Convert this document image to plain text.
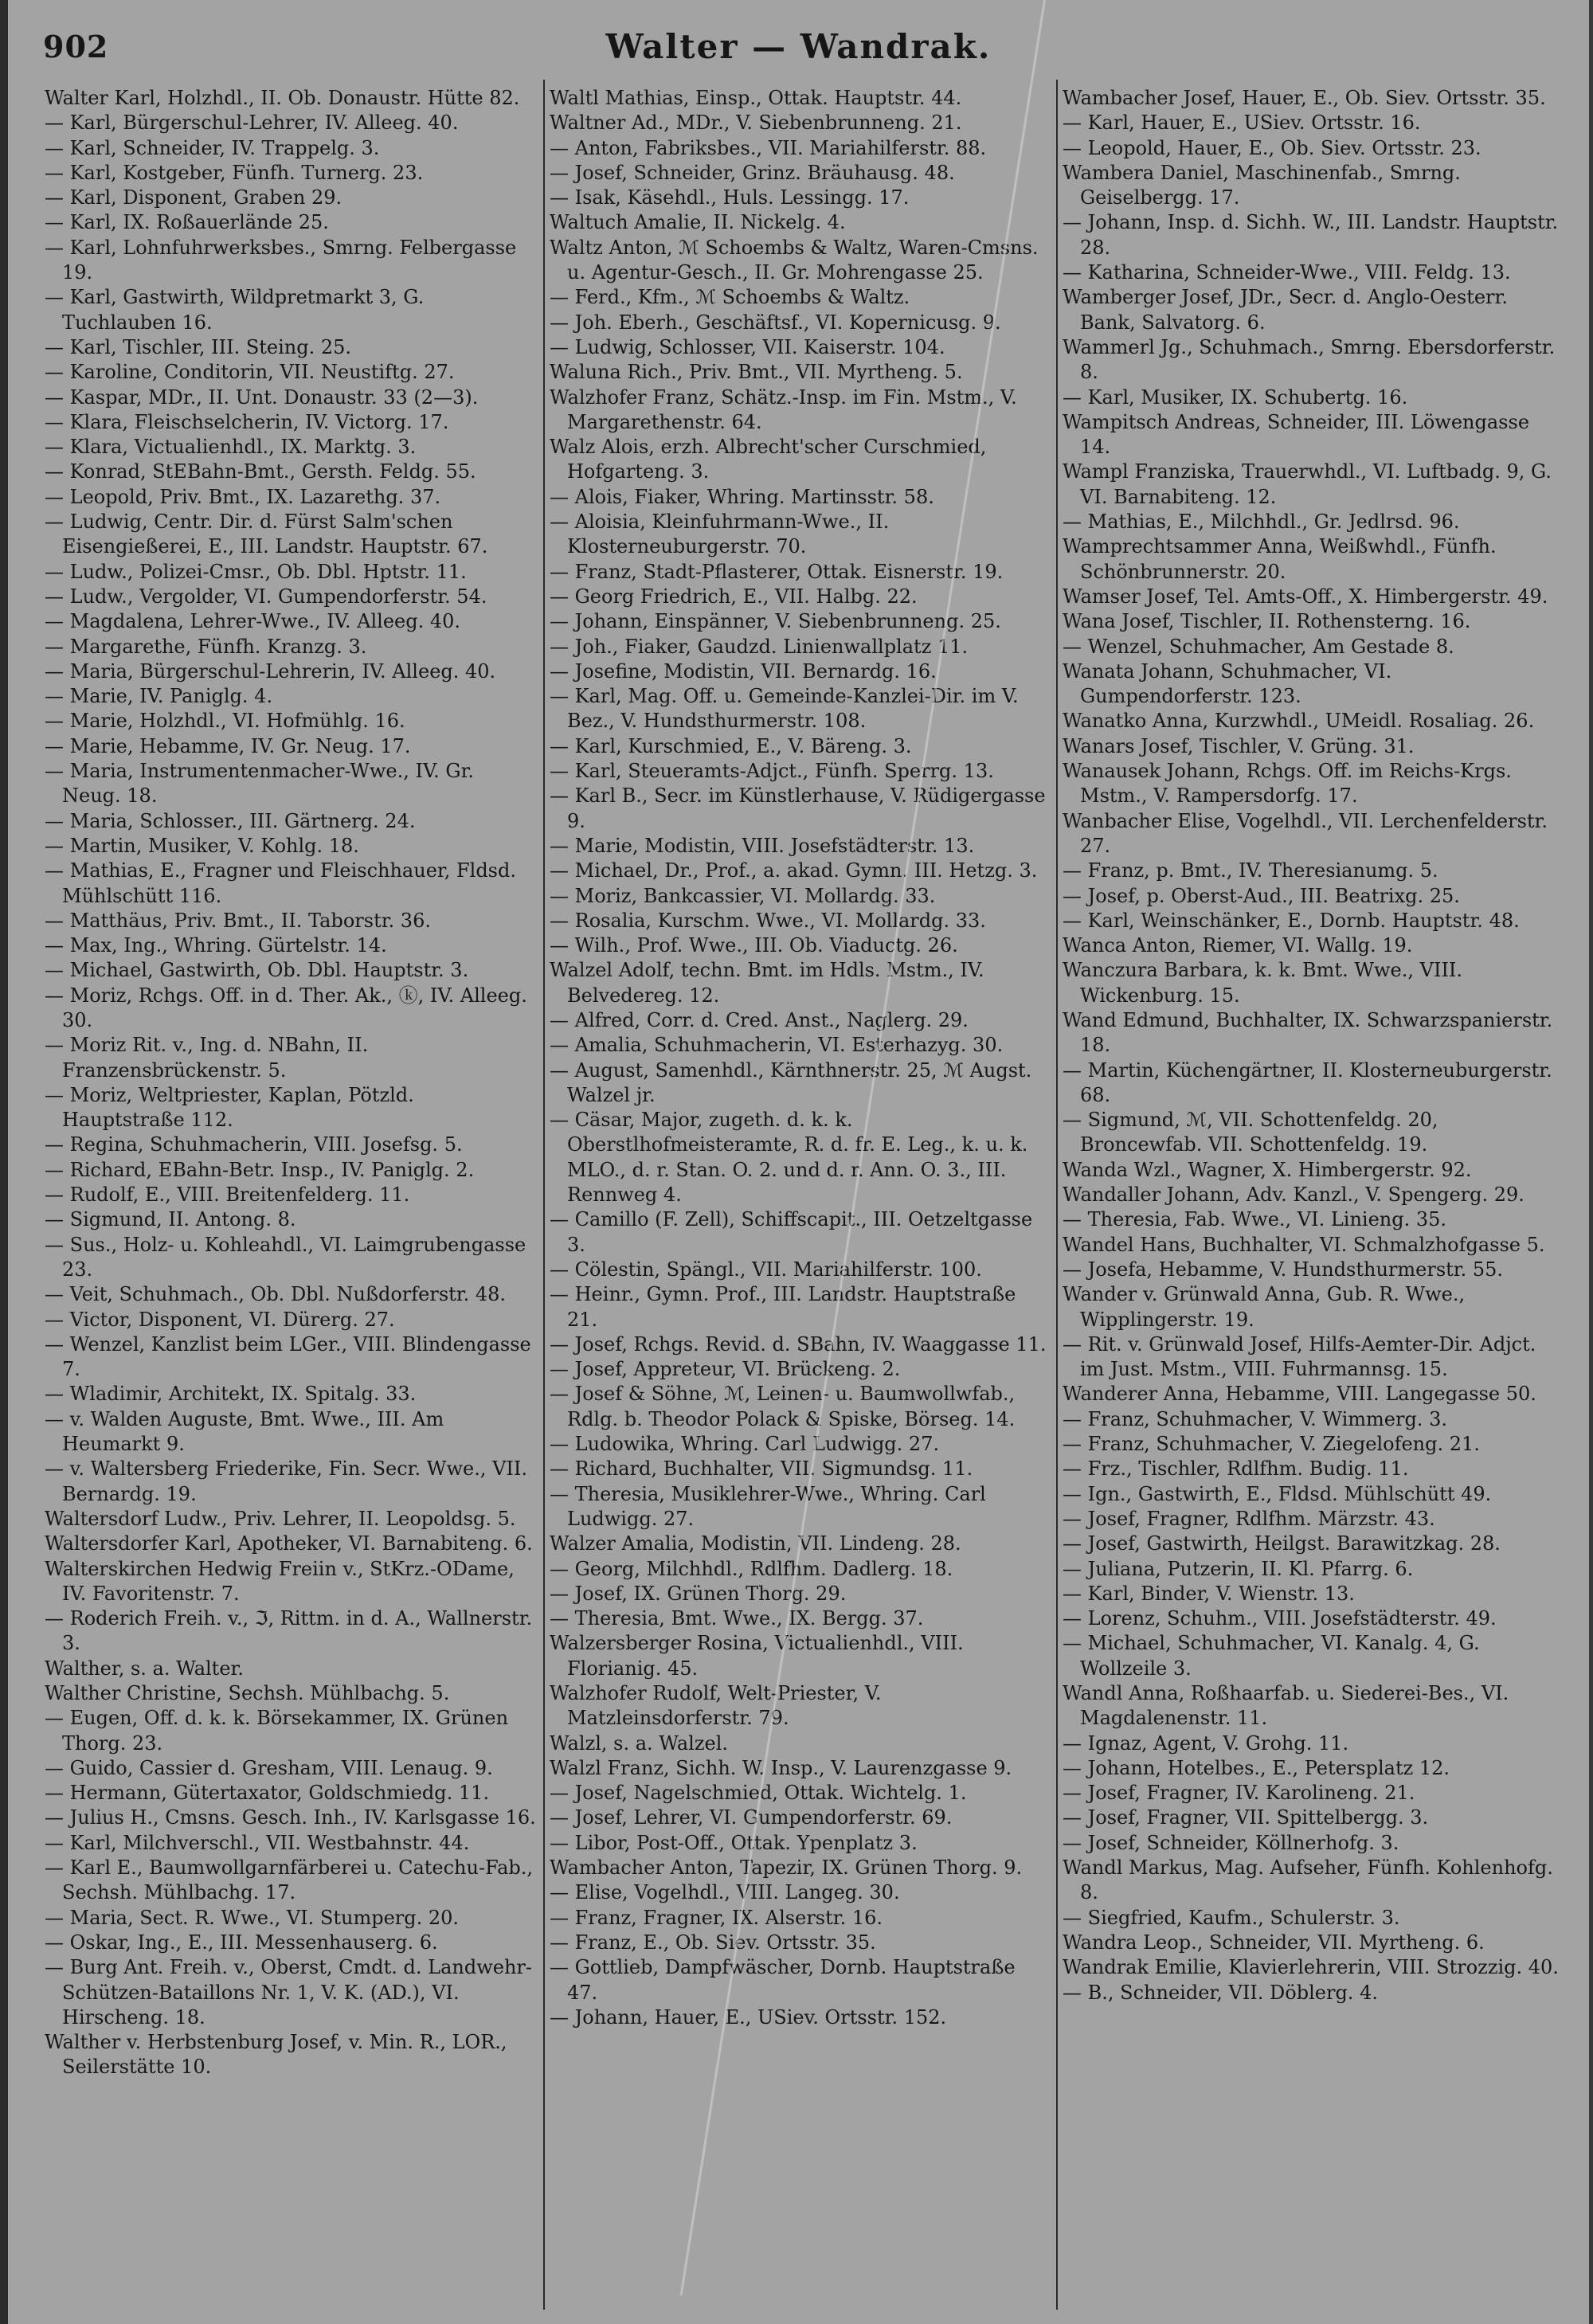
902	Walter — Wandrak.
Walter Karl, Holzhdl., II. Ob. Donaustr. Hütte 82.
— Karl, Bürgerschul-Lehrer, IV. Alleeg. 40.
— Karl, Schneider, IV. Trappelg. 3.
— Karl, Kostgeber, Fünfh. Turnerg. 23.
— Karl, Disponent, Graben 29.
— Karl, IX. Roßauerlände 25.
— Karl, Lohnfuhrwerksbes., Smrng. Felbergasse 19.
— Karl, Gastwirth, Wildpretmarkt 3, G. Tuchlauben 16.
— Karl, Tischler, III. Steing. 25.
— Karoline, Conditorin, VII. Neustiftg. 27.
— Kaspar, MDr., II. Unt. Donaustr. 33 (2—3).
— Klara, Fleischselcherin, IV. Victorg. 17.
— Klara, Victualienhdl., IX. Marktg. 3.
— Konrad, StEBahn-Bmt., Gersth. Feldg. 55.
— Leopold, Priv. Bmt., IX. Lazarethg. 37.
— Ludwig, Centr. Dir. d. Fürst Salm'schen Eisengießerei, E., III. Landstr. Hauptstr. 67.
— Ludw., Polizei-Cmsr., Ob. Dbl. Hptstr. 11.
— Ludw., Vergolder, VI. Gumpendorferstr. 54.
— Magdalena, Lehrer-Wwe., IV. Alleeg. 40.
— Margarethe, Fünfh. Kranzg. 3.
— Maria, Bürgerschul-Lehrerin, IV. Alleeg. 40.
— Marie, IV. Paniglg. 4.
— Marie, Holzhdl., VI. Hofmühlg. 16.
— Marie, Hebamme, IV. Gr. Neug. 17.
— Maria, Instrumentenmacher-Wwe., IV. Gr. Neug. 18.
— Maria, Schlosser., III. Gärtnerg. 24.
— Martin, Musiker, V. Kohlg. 18.
— Mathias, E., Fragner und Fleischhauer, Fldsd. Mühlschütt 116.
— Matthäus, Priv. Bmt., II. Taborstr. 36.
— Max, Ing., Whring. Gürtelstr. 14.
— Michael, Gastwirth, Ob. Dbl. Hauptstr. 3.
— Moriz, Rchgs. Off. in d. Ther. Ak., ⓚ, IV. Alleeg. 30.
— Moriz Rit. v., Ing. d. NBahn, II. Franzensbrückenstr. 5.
— Moriz, Weltpriester, Kaplan, Pötzld. Hauptstraße 112.
— Regina, Schuhmacherin, VIII. Josefsg. 5.
— Richard, EBahn-Betr. Insp., IV. Paniglg. 2.
— Rudolf, E., VIII. Breitenfelderg. 11.
— Sigmund, II. Antong. 8.
— Sus., Holz- u. Kohleahdl., VI. Laimgrubengasse 23.
— Veit, Schuhmach., Ob. Dbl. Nußdorferstr. 48.
— Victor, Disponent, VI. Dürerg. 27.
— Wenzel, Kanzlist beim LGer., VIII. Blindengasse 7.
— Wladimir, Architekt, IX. Spitalg. 33.
— v. Walden Auguste, Bmt. Wwe., III. Am Heumarkt 9.
— v. Waltersberg Friederike, Fin. Secr. Wwe., VII. Bernardg. 19.
Waltersdorf Ludw., Priv. Lehrer, II. Leopoldsg. 5.
Waltersdorfer Karl, Apotheker, VI. Barnabiteng. 6.
Walterskirchen Hedwig Freiin v., StKrz.-ODame, IV. Favoritenstr. 7.
— Roderich Freih. v., ℑ, Rittm. in d. A., Wallnerstr. 3.
Walther, s. a. Walter.
Walther Christine, Sechsh. Mühlbachg. 5.
— Eugen, Off. d. k. k. Börsekammer, IX. Grünen Thorg. 23.
— Guido, Cassier d. Gresham, VIII. Lenaug. 9.
— Hermann, Gütertaxator, Goldschmiedg. 11.
— Julius H., Cmsns. Gesch. Inh., IV. Karlsgasse 16.
— Karl, Milchverschl., VII. Westbahnstr. 44.
— Karl E., Baumwollgarnfärberei u. Catechu-Fab., Sechsh. Mühlbachg. 17.
— Maria, Sect. R. Wwe., VI. Stumperg. 20.
— Oskar, Ing., E., III. Messenhauserg. 6.
— Burg Ant. Freih. v., Oberst, Cmdt. d. Landwehr-Schützen-Bataillons Nr. 1, V. K. (AD.), VI. Hirscheng. 18.
Walther v. Herbstenburg Josef, v. Min. R., LOR., Seilerstätte 10.
Waltl Mathias, Einsp., Ottak. Hauptstr. 44.
Waltner Ad., MDr., V. Siebenbrunneng. 21.
— Anton, Fabriksbes., VII. Mariahilferstr. 88.
— Josef, Schneider, Grinz. Bräuhausg. 48.
— Isak, Käsehdl., Huls. Lessingg. 17.
Waltuch Amalie, II. Nickelg. 4.
Waltz Anton, ℳ Schoembs & Waltz, Waren-Cmsns. u. Agentur-Gesch., II. Gr. Mohrengasse 25.
— Ferd., Kfm., ℳ Schoembs & Waltz.
— Joh. Eberh., Geschäftsf., VI. Kopernicusg. 9.
— Ludwig, Schlosser, VII. Kaiserstr. 104.
Waluna Rich., Priv. Bmt., VII. Myrtheng. 5.
Walzhofer Franz, Schätz.-Insp. im Fin. Mstm., V. Margarethenstr. 64.
Walz Alois, erzh. Albrecht'scher Curschmied, Hofgarteng. 3.
— Alois, Fiaker, Whring. Martinsstr. 58.
— Aloisia, Kleinfuhrmann-Wwe., II. Klosterneuburgerstr. 70.
— Franz, Stadt-Pflasterer, Ottak. Eisnerstr. 19.
— Georg Friedrich, E., VII. Halbg. 22.
— Johann, Einspänner, V. Siebenbrunneng. 25.
— Joh., Fiaker, Gaudzd. Linienwallplatz 11.
— Josefine, Modistin, VII. Bernardg. 16.
— Karl, Mag. Off. u. Gemeinde-Kanzlei-Dir. im V. Bez., V. Hundsthurmerstr. 108.
— Karl, Kurschmied, E., V. Bäreng. 3.
— Karl, Steueramts-Adjct., Fünfh. Sperrg. 13.
— Karl B., Secr. im Künstlerhause, V. Rüdigergasse 9.
— Marie, Modistin, VIII. Josefstädterstr. 13.
— Michael, Dr., Prof., a. akad. Gymn. III. Hetzg. 3.
— Moriz, Bankcassier, VI. Mollardg. 33.
— Rosalia, Kurschm. Wwe., VI. Mollardg. 33.
— Wilh., Prof. Wwe., III. Ob. Viaductg. 26.
Walzel Adolf, techn. Bmt. im Hdls. Mstm., IV. Belvedereg. 12.
— Alfred, Corr. d. Cred. Anst., Naglerg. 29.
— Amalia, Schuhmacherin, VI. Esterhazyg. 30.
— August, Samenhdl., Kärnthnerstr. 25, ℳ Augst. Walzel jr.
— Cäsar, Major, zugeth. d. k. k. Oberstlhofmeisteramte, R. d. fr. E. Leg., k. u. k. MLO., d. r. Stan. O. 2. und d. r. Ann. O. 3., III. Rennweg 4.
— Camillo (F. Zell), Schiffscapit., III. Oetzeltgasse 3.
— Cölestin, Spängl., VII. Mariahilferstr. 100.
— Heinr., Gymn. Prof., III. Landstr. Hauptstraße 21.
— Josef, Rchgs. Revid. d. SBahn, IV. Waaggasse 11.
— Josef, Appreteur, VI. Brückeng. 2.
— Josef & Söhne, ℳ, Leinen- u. Baumwollwfab., Rdlg. b. Theodor Polack & Spiske, Börseg. 14.
— Ludowika, Whring. Carl Ludwigg. 27.
— Richard, Buchhalter, VII. Sigmundsg. 11.
— Theresia, Musiklehrer-Wwe., Whring. Carl Ludwigg. 27.
Walzer Amalia, Modistin, VII. Lindeng. 28.
— Georg, Milchhdl., Rdlfhm. Dadlerg. 18.
— Josef, IX. Grünen Thorg. 29.
— Theresia, Bmt. Wwe., IX. Bergg. 37.
Walzersberger Rosina, Victualienhdl., VIII. Florianig. 45.
Walzhofer Rudolf, Welt-Priester, V. Matzleinsdorferstr. 79.
Walzl, s. a. Walzel.
Walzl Franz, Sichh. W. Insp., V. Laurenzgasse 9.
— Josef, Nagelschmied, Ottak. Wichtelg. 1.
— Josef, Lehrer, VI. Gumpendorferstr. 69.
— Libor, Post-Off., Ottak. Ypenplatz 3.
Wambacher Anton, Tapezir, IX. Grünen Thorg. 9.
— Elise, Vogelhdl., VIII. Langeg. 30.
— Franz, Fragner, IX. Alserstr. 16.
— Franz, E., Ob. Siev. Ortsstr. 35.
— Gottlieb, Dampfwäscher, Dornb. Hauptstraße 47.
— Johann, Hauer, E., USiev. Ortsstr. 152.
Wambacher Josef, Hauer, E., Ob. Siev. Ortsstr. 35.
— Karl, Hauer, E., USiev. Ortsstr. 16.
— Leopold, Hauer, E., Ob. Siev. Ortsstr. 23.
Wambera Daniel, Maschinenfab., Smrng. Geiselbergg. 17.
— Johann, Insp. d. Sichh. W., III. Landstr. Hauptstr. 28.
— Katharina, Schneider-Wwe., VIII. Feldg. 13.
Wamberger Josef, JDr., Secr. d. Anglo-Oesterr. Bank, Salvatorg. 6.
Wammerl Jg., Schuhmach., Smrng. Ebersdorferstr. 8.
— Karl, Musiker, IX. Schubertg. 16.
Wampitsch Andreas, Schneider, III. Löwengasse 14.
Wampl Franziska, Trauerwhdl., VI. Luftbadg. 9, G. VI. Barnabiteng. 12.
— Mathias, E., Milchhdl., Gr. Jedlrsd. 96.
Wamprechtsammer Anna, Weißwhdl., Fünfh. Schönbrunnerstr. 20.
Wamser Josef, Tel. Amts-Off., X. Himbergerstr. 49.
Wana Josef, Tischler, II. Rothensterng. 16.
— Wenzel, Schuhmacher, Am Gestade 8.
Wanata Johann, Schuhmacher, VI. Gumpendorferstr. 123.
Wanatko Anna, Kurzwhdl., UMeidl. Rosaliag. 26.
Wanars Josef, Tischler, V. Grüng. 31.
Wanausek Johann, Rchgs. Off. im Reichs-Krgs. Mstm., V. Rampersdorfg. 17.
Wanbacher Elise, Vogelhdl., VII. Lerchenfelderstr. 27.
— Franz, p. Bmt., IV. Theresianumg. 5.
— Josef, p. Oberst-Aud., III. Beatrixg. 25.
— Karl, Weinschänker, E., Dornb. Hauptstr. 48.
Wanca Anton, Riemer, VI. Wallg. 19.
Wanczura Barbara, k. k. Bmt. Wwe., VIII. Wickenburg. 15.
Wand Edmund, Buchhalter, IX. Schwarzspanierstr. 18.
— Martin, Küchengärtner, II. Klosterneuburgerstr. 68.
— Sigmund, ℳ, VII. Schottenfeldg. 20, Broncewfab. VII. Schottenfeldg. 19.
Wanda Wzl., Wagner, X. Himbergerstr. 92.
Wandaller Johann, Adv. Kanzl., V. Spengerg. 29.
— Theresia, Fab. Wwe., VI. Linieng. 35.
Wandel Hans, Buchhalter, VI. Schmalzhofgasse 5.
— Josefa, Hebamme, V. Hundsthurmerstr. 55.
Wander v. Grünwald Anna, Gub. R. Wwe., Wipplingerstr. 19.
— Rit. v. Grünwald Josef, Hilfs-Aemter-Dir. Adjct. im Just. Mstm., VIII. Fuhrmannsg. 15.
Wanderer Anna, Hebamme, VIII. Langegasse 50.
— Franz, Schuhmacher, V. Wimmerg. 3.
— Franz, Schuhmacher, V. Ziegelofeng. 21.
— Frz., Tischler, Rdlfhm. Budig. 11.
— Ign., Gastwirth, E., Fldsd. Mühlschütt 49.
— Josef, Fragner, Rdlfhm. Märzstr. 43.
— Josef, Gastwirth, Heilgst. Barawitzkag. 28.
— Juliana, Putzerin, II. Kl. Pfarrg. 6.
— Karl, Binder, V. Wienstr. 13.
— Lorenz, Schuhm., VIII. Josefstädterstr. 49.
— Michael, Schuhmacher, VI. Kanalg. 4, G. Wollzeile 3.
Wandl Anna, Roßhaarfab. u. Siederei-Bes., VI. Magdalenenstr. 11.
— Ignaz, Agent, V. Grohg. 11.
— Johann, Hotelbes., E., Petersplatz 12.
— Josef, Fragner, IV. Karolineng. 21.
— Josef, Fragner, VII. Spittelbergg. 3.
— Josef, Schneider, Köllnerhofg. 3.
Wandl Markus, Mag. Aufseher, Fünfh. Kohlenhofg. 8.
— Siegfried, Kaufm., Schulerstr. 3.
Wandra Leop., Schneider, VII. Myrtheng. 6.
Wandrak Emilie, Klavierlehrerin, VIII. Strozzig. 40.
— B., Schneider, VII. Döblerg. 4.
